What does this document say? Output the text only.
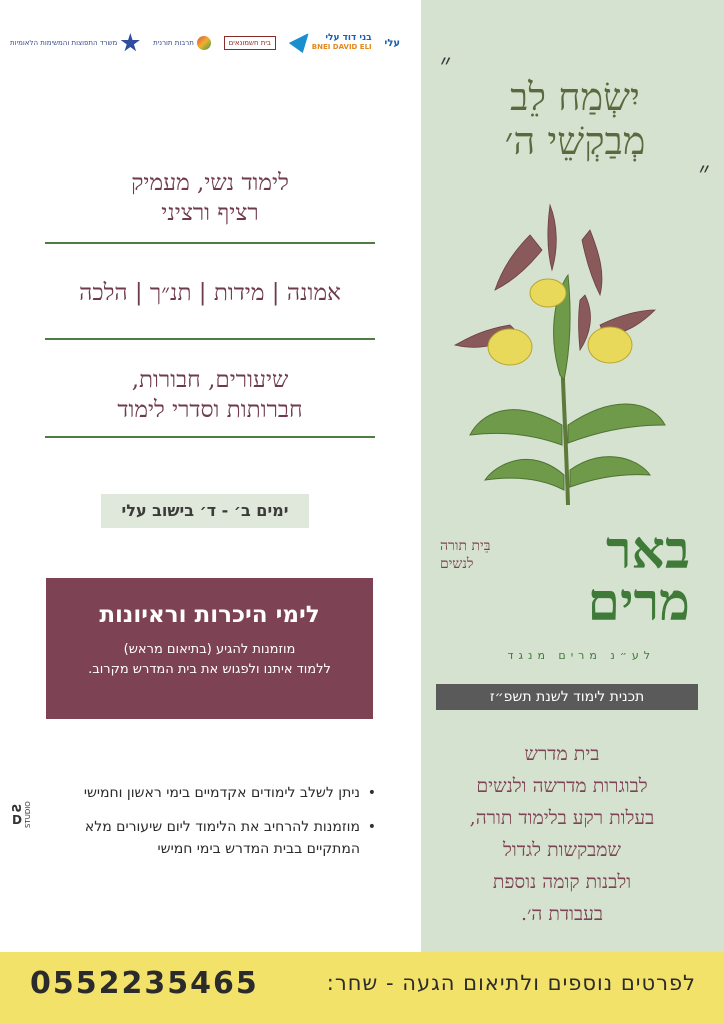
משרד התפוצות והמשימות הלאומיות	תרבות תורנית	בית חשמונאים	בני דוד עלי
BNEI DAVID ELI

עלי
לימוד נשי, מעמיק
רציף ורציני
אמונה | מידות | תנ״ך | הלכה
שיעורים, חבורות,
חברותות וסדרי לימוד
ימים ב׳ - ד׳ בישוב עלי
לימי היכרות וראיונות
מוזמנות להגיע (בתיאום מראש)
ללמוד איתנו ולפגוש את בית המדרש מקרוב.
• ניתן לשלב לימודים אקדמיים בימי ראשון וחמישי
• מוזמנות להרחיב את הלימוד ליום שיעורים מלא המתקיים בבית המדרש בימי חמישי
ᗡƧ STUDIO
״
יִשְׂמַח לֵב
מְבַקְשֵׁי ה׳
״
באר
מרים
בֵּית תורה
לנשים
לע״נ מרים מנגד
תכנית לימוד לשנת תשפ״ז
בית מדרש
לבוגרות מדרשה ולנשים
בעלות רקע בלימוד תורה,
שמבקשות לגדול
ולבנות קומה נוספת
בעבודת ה׳.
לפרטים נוספים ולתיאום הגעה - שחר:
0552235465
